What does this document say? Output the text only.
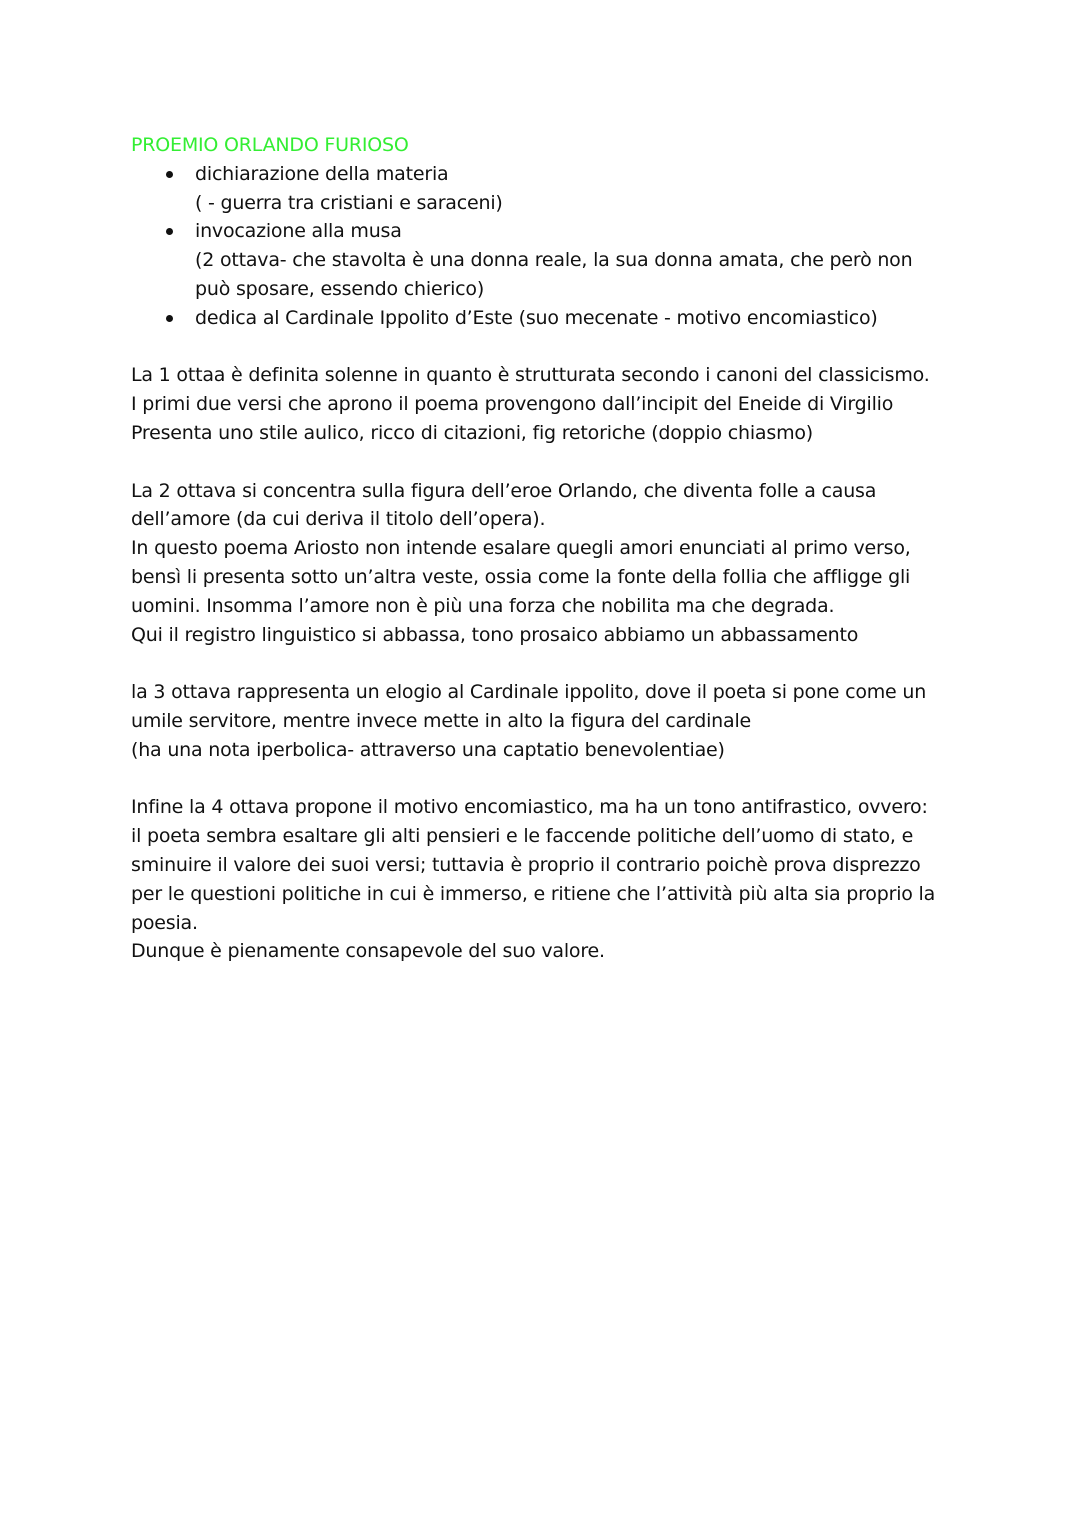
PROEMIO ORLANDO FURIOSO
dichiarazione della materia
( - guerra tra cristiani e saraceni)
invocazione alla musa
(2 ottava- che stavolta è una donna reale, la sua donna amata, che però non
può sposare, essendo chierico)
dedica al Cardinale Ippolito d’Este (suo mecenate - motivo encomiastico)

La 1 ottaa è definita solenne in quanto è strutturata secondo i canoni del classicismo.
I primi due versi che aprono il poema provengono dall’incipit del Eneide di Virgilio
Presenta uno stile aulico, ricco di citazioni, fig retoriche (doppio chiasmo)

La 2 ottava si concentra sulla figura dell’eroe Orlando, che diventa folle a causa
dell’amore (da cui deriva il titolo dell’opera).
In questo poema Ariosto non intende esalare quegli amori enunciati al primo verso,
bensì li presenta sotto un’altra veste, ossia come la fonte della follia che affligge gli
uomini. Insomma l’amore non è più una forza che nobilita ma che degrada.
Qui il registro linguistico si abbassa, tono prosaico abbiamo un abbassamento

la 3 ottava rappresenta un elogio al Cardinale ippolito, dove il poeta si pone come un
umile servitore, mentre invece mette in alto la figura del cardinale
(ha una nota iperbolica- attraverso una captatio benevolentiae)

Infine la 4 ottava propone il motivo encomiastico, ma ha un tono antifrastico, ovvero:
il poeta sembra esaltare gli alti pensieri e le faccende politiche dell’uomo di stato, e
sminuire il valore dei suoi versi; tuttavia è proprio il contrario poichè prova disprezzo
per le questioni politiche in cui è immerso, e ritiene che l’attività più alta sia proprio la
poesia.
Dunque è pienamente consapevole del suo valore.
